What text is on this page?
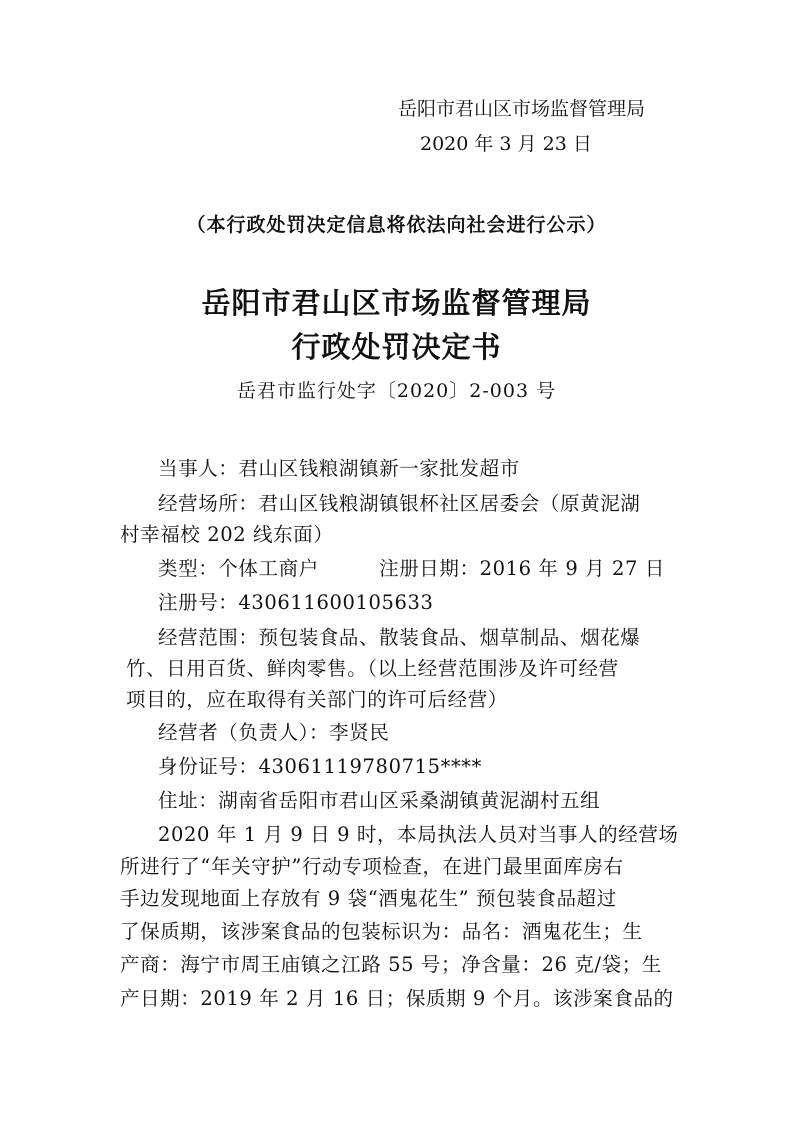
岳阳市君山区市场监督管理局
2020 年 3 月 23 日
（本行政处罚决定信息将依法向社会进行公示）
岳阳市君山区市场监督管理局
行政处罚决定书
岳君市监行处字〔2020〕2-003 号
当事人：君山区钱粮湖镇新一家批发超市
经营场所：君山区钱粮湖镇银杯社区居委会（原黄泥湖
村幸福校 202 线东面）
类型：个体工商户　　　注册日期：2016 年 9 月 27 日
注册号：430611600105633
经营范围：预包装食品、散装食品、烟草制品、烟花爆
竹、日用百货、鲜肉零售。（以上经营范围涉及许可经营
项目的，应在取得有关部门的许可后经营）
经营者（负责人）：李贤民
身份证号：43061119780715****
住址：湖南省岳阳市君山区采桑湖镇黄泥湖村五组
2020 年 1 月 9 日 9 时，本局执法人员对当事人的经营场
所进行了“年关守护”行动专项检查，在进门最里面库房右
手边发现地面上存放有 9 袋“酒鬼花生” 预包装食品超过
了保质期，该涉案食品的包装标识为：品名：酒鬼花生；生
产商：海宁市周王庙镇之江路 55 号；净含量：26 克/袋；生
产日期：2019 年 2 月 16 日；保质期 9 个月。该涉案食品的
